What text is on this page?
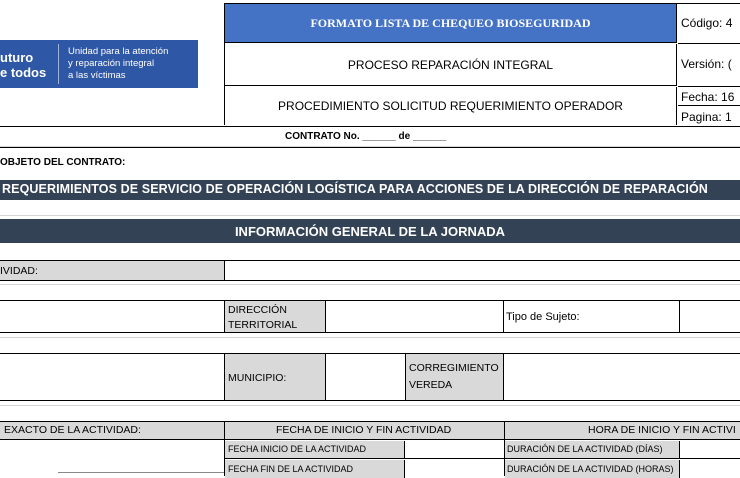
uturo
e todos
Unidad para la atención
y reparación integral
a las víctimas
FORMATO LISTA DE CHEQUEO BIOSEGURIDAD
PROCESO REPARACIÓN INTEGRAL
PROCEDIMIENTO SOLICITUD REQUERIMIENTO OPERADOR
Código: 4
Versión: (
Fecha: 16
Pagina: 1
CONTRATO No. ______ de ______
OBJETO DEL CONTRATO:
REQUERIMIENTOS DE SERVICIO DE OPERACIÓN LOGÍSTICA PARA ACCIONES DE LA DIRECCIÓN DE REPARACIÓN
INFORMACIÓN GENERAL DE LA JORNADA
IVIDAD:
DIRECCIÓN
TERRITORIAL
Tipo de Sujeto:
MUNICIPIO:
CORREGIMIENTO
VEREDA
EXACTO DE LA ACTIVIDAD:	FECHA DE INICIO Y FIN ACTIVIDAD	HORA DE INICIO Y FIN ACTIVI
FECHA INICIO DE LA ACTIVIDAD
FECHA FIN DE LA ACTIVIDAD
DURACIÓN DE LA ACTIVIDAD (DÍAS)
DURACIÓN DE LA ACTIVIDAD (HORAS)
